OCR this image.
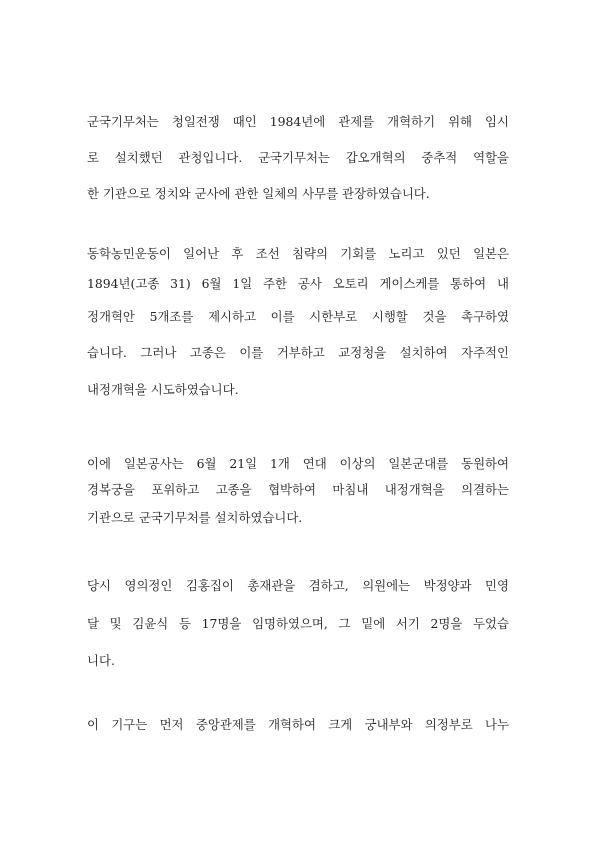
군국기무처는 청일전쟁 때인 1984년에 관제를 개혁하기 위해 임시
로 설치했던 관청입니다. 군국기무처는 갑오개혁의 중추적 역할을
한 기관으로 정치와 군사에 관한 일체의 사무를 관장하였습니다.
동학농민운동이 일어난 후 조선 침략의 기회를 노리고 있던 일본은
1894년(고종 31) 6월 1일 주한 공사 오토리 게이스케를 통하여 내
정개혁안 5개조를 제시하고 이를 시한부로 시행할 것을 촉구하였
습니다. 그러나 고종은 이를 거부하고 교정청을 설치하여 자주적인
내정개혁을 시도하였습니다.
이에 일본공사는 6월 21일 1개 연대 이상의 일본군대를 동원하여
경복궁을 포위하고 고종을 협박하여 마침내 내정개혁을 의결하는
기관으로 군국기무처를 설치하였습니다.
당시 영의정인 김홍집이 총재관을 겸하고, 의원에는 박정양과 민영
달 및 김윤식 등 17명을 임명하였으며, 그 밑에 서기 2명을 두었습
니다.
이 기구는 먼저 중앙관제를 개혁하여 크게 궁내부와 의정부로 나누
